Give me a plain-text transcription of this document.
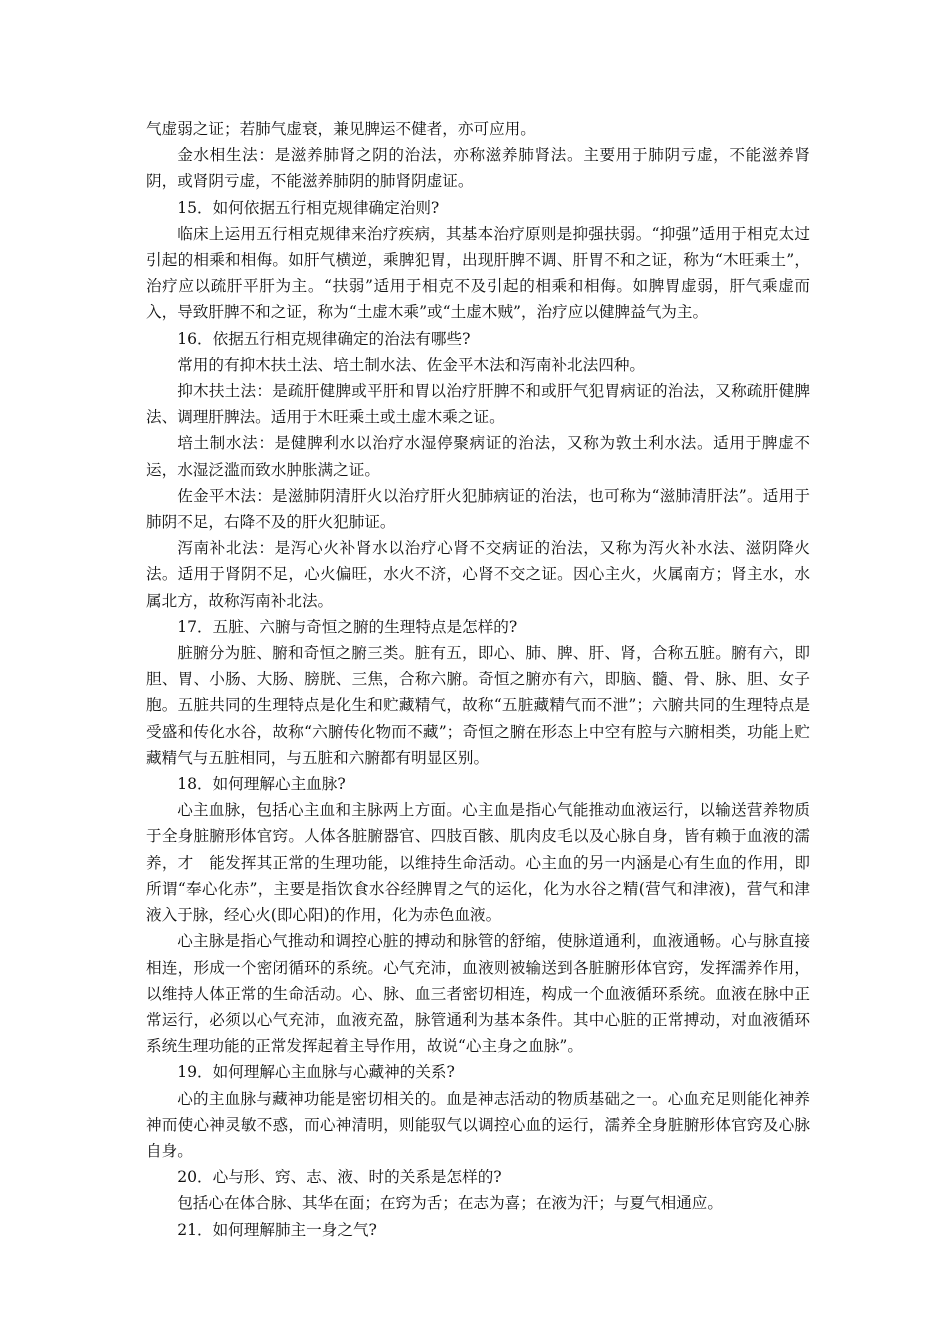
气虚弱之证；若肺气虚衰，兼见脾运不健者，亦可应用。

金水相生法：是滋养肺肾之阴的治法，亦称滋养肺肾法。主要用于肺阴亏虚，不能滋养肾阴，或肾阴亏虚，不能滋养肺阴的肺肾阴虚证。

15．如何依据五行相克规律确定治则?

临床上运用五行相克规律来治疗疾病，其基本治疗原则是抑强扶弱。“抑强”适用于相克太过引起的相乘和相侮。如肝气横逆，乘脾犯胃，出现肝脾不调、肝胃不和之证，称为“木旺乘土”，治疗应以疏肝平肝为主。“扶弱”适用于相克不及引起的相乘和相侮。如脾胃虚弱，肝气乘虚而入，导致肝脾不和之证，称为“土虚木乘”或“土虚木贼”，治疗应以健脾益气为主。

16．依据五行相克规律确定的治法有哪些?

常用的有抑木扶土法、培土制水法、佐金平木法和泻南补北法四种。

抑木扶土法：是疏肝健脾或平肝和胃以治疗肝脾不和或肝气犯胃病证的治法，又称疏肝健脾法、调理肝脾法。适用于木旺乘土或土虚木乘之证。

培土制水法：是健脾利水以治疗水湿停聚病证的治法，又称为敦土利水法。适用于脾虚不运，水湿泛滥而致水肿胀满之证。

佐金平木法：是滋肺阴清肝火以治疗肝火犯肺病证的治法，也可称为“滋肺清肝法”。适用于肺阴不足，右降不及的肝火犯肺证。

泻南补北法：是泻心火补肾水以治疗心肾不交病证的治法，又称为泻火补水法、滋阴降火法。适用于肾阴不足，心火偏旺，水火不济，心肾不交之证。因心主火，火属南方；肾主水，水属北方，故称泻南补北法。

17．五脏、六腑与奇恒之腑的生理特点是怎样的?

脏腑分为脏、腑和奇恒之腑三类。脏有五，即心、肺、脾、肝、肾，合称五脏。腑有六，即胆、胃、小肠、大肠、膀胱、三焦，合称六腑。奇恒之腑亦有六，即脑、髓、骨、脉、胆、女子胞。五脏共同的生理特点是化生和贮藏精气，故称“五脏藏精气而不泄”；六腑共同的生理特点是受盛和传化水谷，故称“六腑传化物而不藏”；奇恒之腑在形态上中空有腔与六腑相类，功能上贮藏精气与五脏相同，与五脏和六腑都有明显区别。

18．如何理解心主血脉?

心主血脉，包括心主血和主脉两上方面。心主血是指心气能推动血液运行，以输送营养物质于全身脏腑形体官窍。人体各脏腑器官、四肢百骸、肌肉皮毛以及心脉自身，皆有赖于血液的濡养，才　能发挥其正常的生理功能，以维持生命活动。心主血的另一内涵是心有生血的作用，即所谓“奉心化赤”，主要是指饮食水谷经脾胃之气的运化，化为水谷之精(营气和津液)，营气和津液入于脉，经心火(即心阳)的作用，化为赤色血液。

心主脉是指心气推动和调控心脏的搏动和脉管的舒缩，使脉道通利，血液通畅。心与脉直接相连，形成一个密闭循环的系统。心气充沛，血液则被输送到各脏腑形体官窍，发挥濡养作用，以维持人体正常的生命活动。心、脉、血三者密切相连，构成一个血液循环系统。血液在脉中正常运行，必须以心气充沛，血液充盈，脉管通利为基本条件。其中心脏的正常搏动，对血液循环系统生理功能的正常发挥起着主导作用，故说“心主身之血脉”。

19．如何理解心主血脉与心藏神的关系?

心的主血脉与藏神功能是密切相关的。血是神志活动的物质基础之一。心血充足则能化神养神而使心神灵敏不惑，而心神清明，则能驭气以调控心血的运行，濡养全身脏腑形体官窍及心脉自身。

20．心与形、窍、志、液、时的关系是怎样的?

包括心在体合脉、其华在面；在窍为舌；在志为喜；在液为汗；与夏气相通应。

21．如何理解肺主一身之气?
